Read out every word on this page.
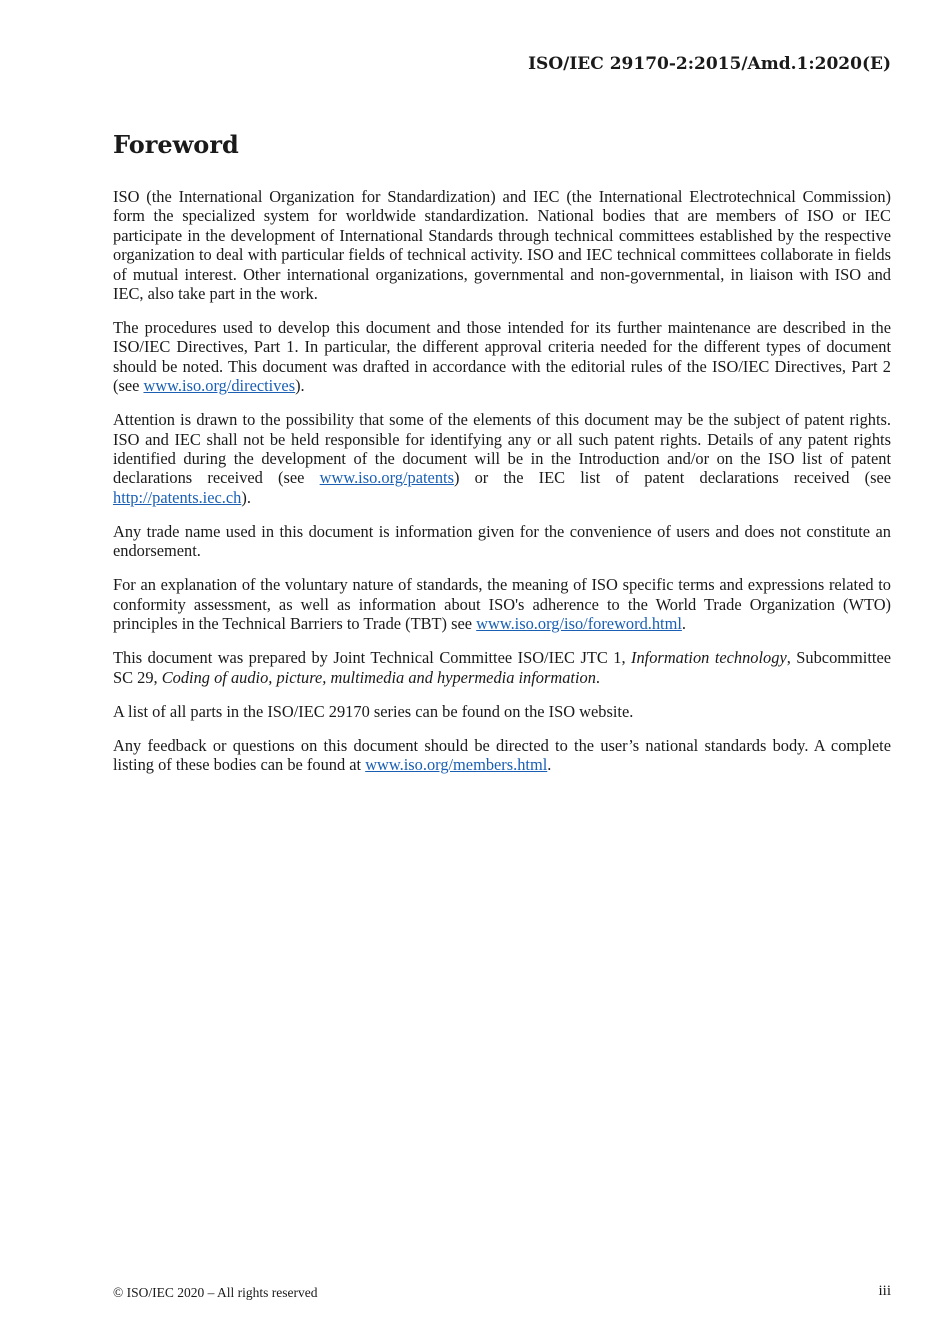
ISO/IEC 29170-2:2015/Amd.1:2020(E)
Foreword

ISO (the International Organization for Standardization) and IEC (the International Electrotechnical Commission) form the specialized system for worldwide standardization. National bodies that are members of ISO or IEC participate in the development of International Standards through technical committees established by the respective organization to deal with particular fields of technical activity. ISO and IEC technical committees collaborate in fields of mutual interest. Other international organizations, governmental and non-governmental, in liaison with ISO and IEC, also take part in the work.

The procedures used to develop this document and those intended for its further maintenance are described in the ISO/IEC Directives, Part 1. In particular, the different approval criteria needed for the different types of document should be noted. This document was drafted in accordance with the editorial rules of the ISO/IEC Directives, Part 2 (see www.iso.org/directives).

Attention is drawn to the possibility that some of the elements of this document may be the subject of patent rights. ISO and IEC shall not be held responsible for identifying any or all such patent rights. Details of any patent rights identified during the development of the document will be in the Introduction and/or on the ISO list of patent declarations received (see www.iso.org/patents) or the IEC list of patent declarations received (see http://patents.iec.ch).

Any trade name used in this document is information given for the convenience of users and does not constitute an endorsement.

For an explanation of the voluntary nature of standards, the meaning of ISO specific terms and expressions related to conformity assessment, as well as information about ISO's adherence to the World Trade Organization (WTO) principles in the Technical Barriers to Trade (TBT) see www.iso.org/iso/foreword.html.

This document was prepared by Joint Technical Committee ISO/IEC JTC 1, Information technology, Subcommittee SC 29, Coding of audio, picture, multimedia and hypermedia information.

A list of all parts in the ISO/IEC 29170 series can be found on the ISO website.

Any feedback or questions on this document should be directed to the user’s national standards body. A complete listing of these bodies can be found at www.iso.org/members.html.

© ISO/IEC 2020 – All rights reserved	iii
